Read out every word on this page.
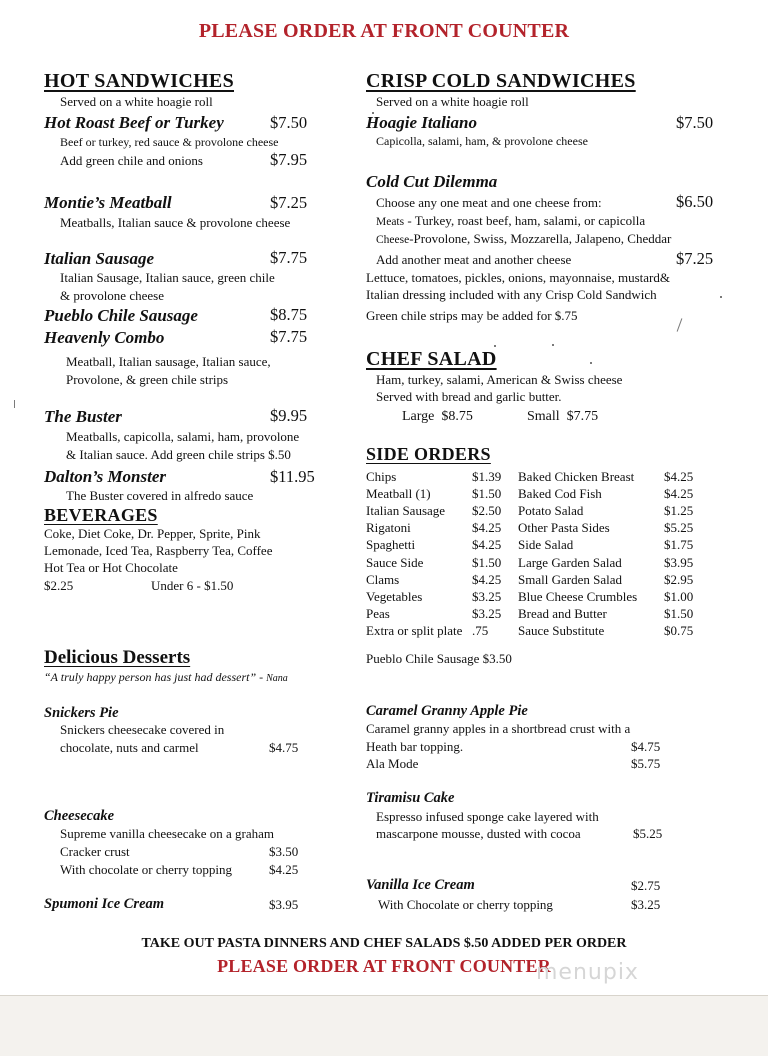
PLEASE ORDER AT FRONT COUNTER
HOT SANDWICHES
Served on a white hoagie roll
Hot Roast Beef or Turkey	$7.50
Beef or turkey, red sauce & provolone cheese
Add green chile and onions	$7.95
Montie’s Meatball	$7.25
Meatballs, Italian sauce & provolone cheese
Italian Sausage	$7.75
Italian Sausage, Italian sauce, green chile
& provolone cheese
Pueblo Chile Sausage	$8.75
Heavenly Combo	$7.75
Meatball, Italian sausage, Italian sauce,
Provolone, & green chile strips
The Buster	$9.95
Meatballs, capicolla, salami, ham, provolone
& Italian sauce. Add green chile strips $.50
Dalton’s Monster	$11.95
The Buster covered in alfredo sauce
BEVERAGES
Coke, Diet Coke, Dr. Pepper, Sprite, Pink
Lemonade, Iced Tea, Raspberry Tea, Coffee
Hot Tea or Hot Chocolate
$2.25	Under 6 - $1.50
CRISP COLD SANDWICHES
Served on a white hoagie roll
Hoagie Italiano	$7.50
Capicolla, salami, ham, & provolone cheese
Cold Cut Dilemma
Choose any one meat and one cheese from:	$6.50
Meats - Turkey, roast beef, ham, salami, or capicolla
Cheese-Provolone, Swiss, Mozzarella, Jalapeno, Cheddar
Add another meat and another cheese	$7.25
Lettuce, tomatoes, pickles, onions, mayonnaise, mustard&
Italian dressing included with any Crisp Cold Sandwich
Green chile strips may be added for $.75
CHEF SALAD
Ham, turkey, salami, American & Swiss cheese
Served with bread and garlic butter.
Large  $8.75	Small  $7.75
SIDE ORDERS
Chips	$1.39
Meatball (1)	$1.50
Italian Sausage $2.50
Rigatoni	$4.25
Spaghetti	$4.25
Sauce Side	$1.50
Clams	$4.25
Vegetables	$3.25
Peas	$3.25
Extra or split plate .75
Baked Chicken Breast $4.25
Baked Cod Fish	$4.25
Potato Salad	$1.25
Other Pasta Sides	$5.25
Side Salad	$1.75
Large Garden Salad	$3.95
Small Garden Salad	$2.95
Blue Cheese Crumbles $1.00
Bread and Butter	$1.50
Sauce Substitute	$0.75
Pueblo Chile Sausage $3.50
Delicious Desserts
“A truly happy person has just had dessert” - Nana
Snickers Pie
Snickers cheesecake covered in
chocolate, nuts and carmel	$4.75
Cheesecake
Supreme vanilla cheesecake on a graham
Cracker crust	$3.50
With chocolate or cherry topping	$4.25
Spumoni Ice Cream	$3.95
Caramel Granny Apple Pie
Caramel granny apples in a shortbread crust with a
Heath bar topping.	$4.75
Ala Mode	$5.75
Tiramisu Cake
Espresso infused sponge cake layered with
mascarpone mousse, dusted with cocoa	$5.25
Vanilla Ice Cream	$2.75
With Chocolate or cherry topping	$3.25
TAKE OUT PASTA DINNERS AND CHEF SALADS $.50 ADDED PER ORDER
PLEASE ORDER AT FRONT COUNTER
menupix
